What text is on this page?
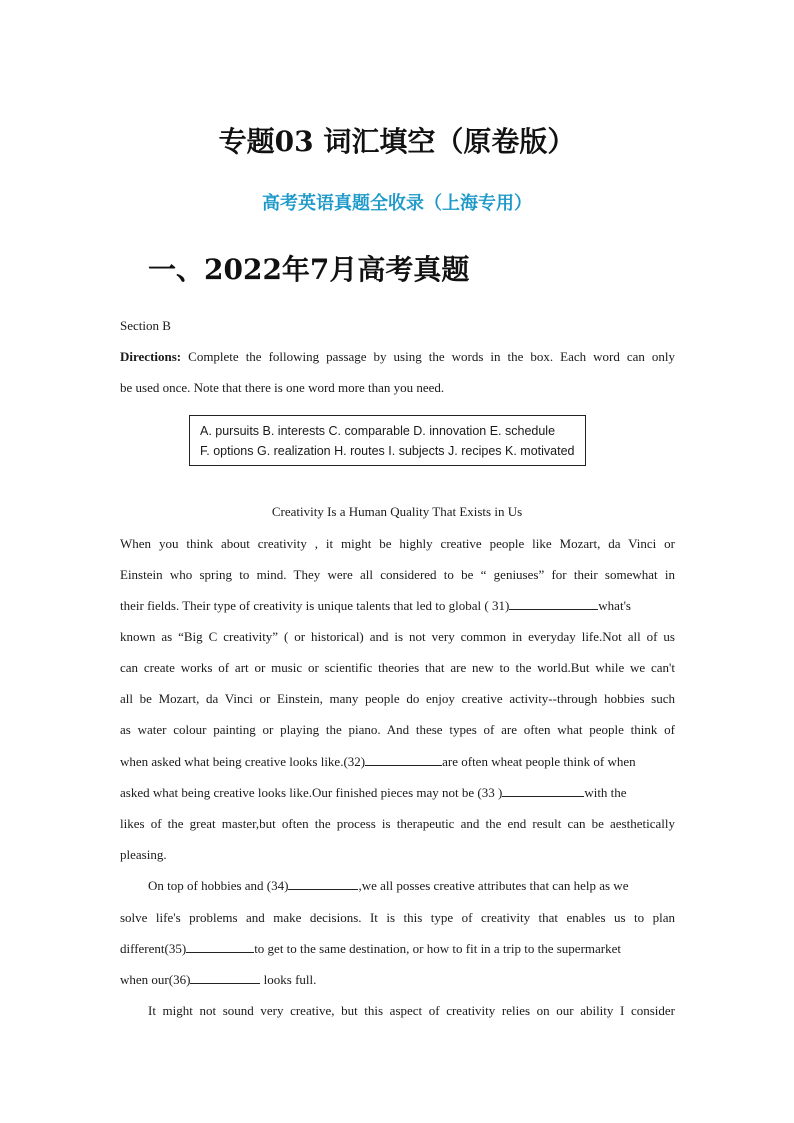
专题03 词汇填空（原卷版）
高考英语真题全收录（上海专用）
一、2022年7月高考真题
Section B
Directions: Complete the following passage by using the words in the box. Each word can only
be used once. Note that there is one word more than you need.
A. pursuits B. interests C. comparable D. innovation E. schedule
F. options G. realization H. routes I. subjects J. recipes K. motivated
Creativity Is a Human Quality That Exists in Us
When you think about creativity , it might be highly creative people like Mozart, da Vinci or
Einstein who spring to mind. They were all considered to be “ geniuses” for their somewhat in
their fields. Their type of creativity is unique talents that led to global ( 31)	what's
known as “Big C creativity” ( or historical) and is not very common in everyday life.Not all of us
can create works of art or music or scientific theories that are new to the world.But while we can't
all be Mozart, da Vinci or Einstein, many people do enjoy creative activity--through hobbies such
as water colour painting or playing the piano. And these types of are often what people think of
when asked what being creative looks like.(32)	are often wheat people think of when
asked what being creative looks like.Our finished pieces may not be (33 )	with the
likes of the great master,but often the process is therapeutic and the end result can be aesthetically
pleasing.
On top of hobbies and (34)	,we all posses creative attributes that can help as we
solve life's problems and make decisions. It is this type of creativity that enables us to plan
different(35)	to get to the same destination, or how to fit in a trip to the supermarket
when our(36)	looks full.
It might not sound very creative, but this aspect of creativity relies on our ability I consider
